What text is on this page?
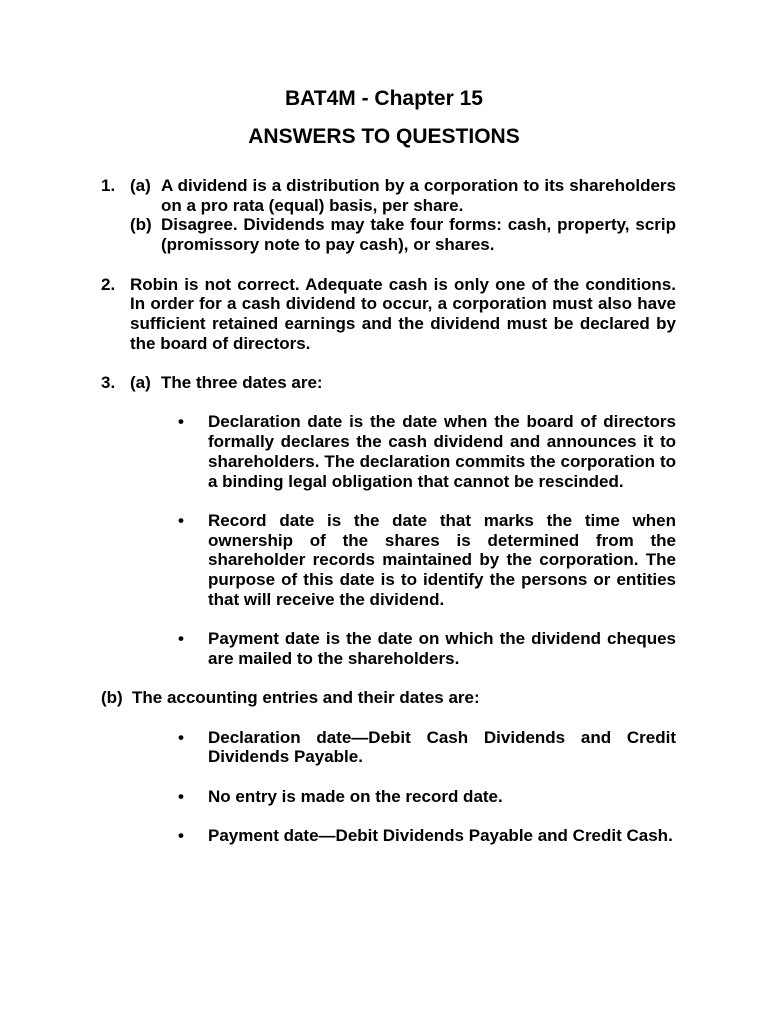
BAT4M - Chapter 15
ANSWERS TO QUESTIONS
1. (a) A dividend is a distribution by a corporation to its shareholders on a pro rata (equal) basis, per share.
(b) Disagree. Dividends may take four forms: cash, property, scrip (promissory note to pay cash), or shares.
2. Robin is not correct. Adequate cash is only one of the conditions. In order for a cash dividend to occur, a corporation must also have sufficient retained earnings and the dividend must be declared by the board of directors.
3. (a) The three dates are:
•	Declaration date is the date when the board of directors formally declares the cash dividend and announces it to shareholders. The declaration commits the corporation to a binding legal obligation that cannot be rescinded.
•	Record date is the date that marks the time when ownership of the shares is determined from the shareholder records maintained by the corporation. The purpose of this date is to identify the persons or entities that will receive the dividend.
•	Payment date is the date on which the dividend cheques are mailed to the shareholders.
(b) The accounting entries and their dates are:
•	Declaration date—Debit Cash Dividends and Credit Dividends Payable.
•	No entry is made on the record date.
•	Payment date—Debit Dividends Payable and Credit Cash.
